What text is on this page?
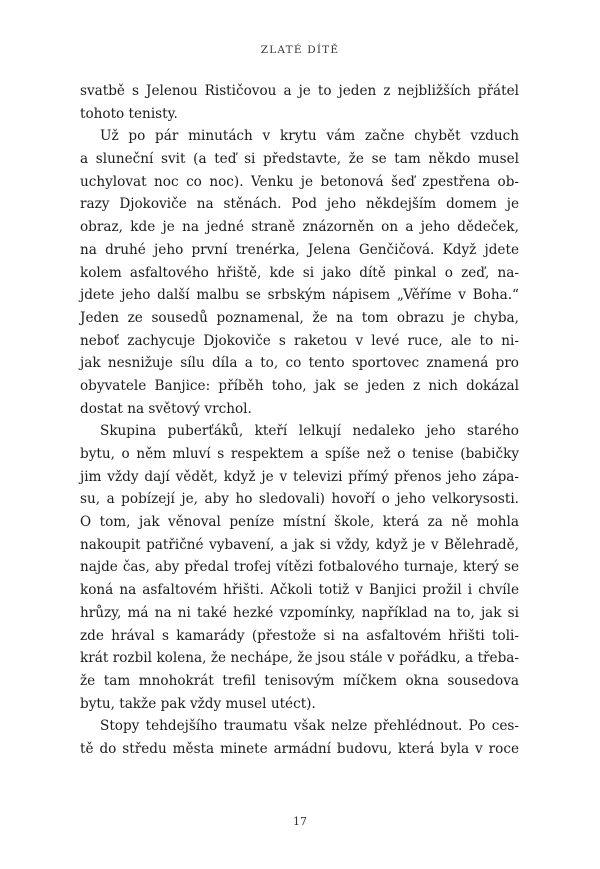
ZLATÉ DÍTĚ
svatbě s Jelenou Rističovou a je to jeden z nejbližších přátel
tohoto tenisty.
Už po pár minutách v krytu vám začne chybět vzduch
a sluneční svit (a teď si představte, že se tam někdo musel
uchylovat noc co noc). Venku je betonová šeď zpestřena ob-
razy Djokoviče na stěnách. Pod jeho někdejším domem je
obraz, kde je na jedné straně znázorněn on a jeho dědeček,
na druhé jeho první trenérka, Jelena Genčičová. Když jdete
kolem asfaltového hřiště, kde si jako dítě pinkal o zeď, na-
jdete jeho další malbu se srbským nápisem „Věříme v Boha.“
Jeden ze sousedů poznamenal, že na tom obrazu je chyba,
neboť zachycuje Djokoviče s raketou v levé ruce, ale to ni-
jak nesnižuje sílu díla a to, co tento sportovec znamená pro
obyvatele Banjice: příběh toho, jak se jeden z nich dokázal
dostat na světový vrchol.
Skupina puberťáků, kteří lelkují nedaleko jeho starého
bytu, o něm mluví s respektem a spíše než o tenise (babičky
jim vždy dají vědět, když je v televizi přímý přenos jeho zápa-
su, a pobízejí je, aby ho sledovali) hovoří o jeho velkorysosti.
O tom, jak věnoval peníze místní škole, která za ně mohla
nakoupit patřičné vybavení, a jak si vždy, když je v Bělehradě,
najde čas, aby předal trofej vítězi fotbalového turnaje, který se
koná na asfaltovém hřišti. Ačkoli totiž v Banjici prožil i chvíle
hrůzy, má na ni také hezké vzpomínky, například na to, jak si
zde hrával s kamarády (přestože si na asfaltovém hřišti toli-
krát rozbil kolena, že nechápe, že jsou stále v pořádku, a třeba-
že tam mnohokrát trefil tenisovým míčkem okna sousedova
bytu, takže pak vždy musel utéct).
Stopy tehdejšího traumatu však nelze přehlédnout. Po ces-
tě do středu města minete armádní budovu, která byla v roce
17
